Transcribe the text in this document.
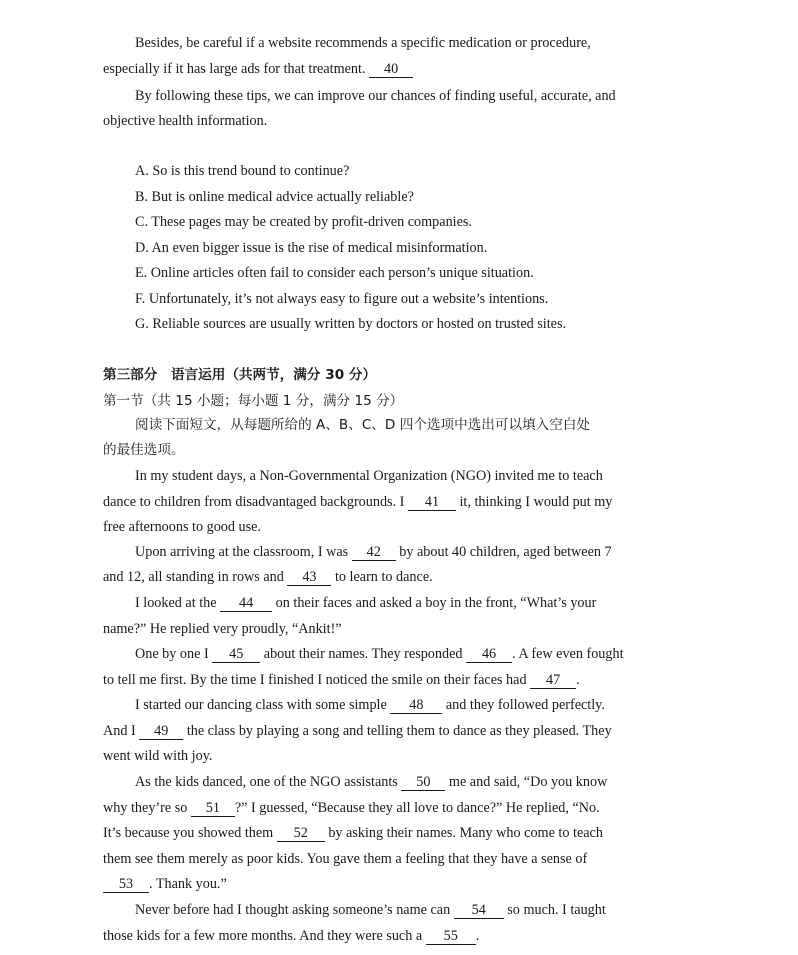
Besides, be careful if a website recommends a specific medication or procedure,
especially if it has large ads for that treatment. 40
By following these tips, we can improve our chances of finding useful, accurate, and
objective health information.
A. So is this trend bound to continue?
B. But is online medical advice actually reliable?
C. These pages may be created by profit-driven companies.
D. An even bigger issue is the rise of medical misinformation.
E. Online articles often fail to consider each person’s unique situation.
F. Unfortunately, it’s not always easy to figure out a website’s intentions.
G. Reliable sources are usually written by doctors or hosted on trusted sites.
第三部分　语言运用（共两节，满分 30 分）
第一节（共 15 小题；每小题 1 分，满分 15 分）
阅读下面短文，从每题所给的 A、B、C、D 四个选项中选出可以填入空白处
的最佳选项。
In my student days, a Non-Governmental Organization (NGO) invited me to teach
dance to children from disadvantaged backgrounds. I 41 it, thinking I would put my
free afternoons to good use.
Upon arriving at the classroom, I was 42 by about 40 children, aged between 7
and 12, all standing in rows and 43 to learn to dance.
I looked at the 44 on their faces and asked a boy in the front, “What’s your
name?” He replied very proudly, “Ankit!”
One by one I 45 about their names. They responded 46 . A few even fought
to tell me first. By the time I finished I noticed the smile on their faces had 47 .
I started our dancing class with some simple 48 and they followed perfectly.
And I 49 the class by playing a song and telling them to dance as they pleased. They
went wild with joy.
As the kids danced, one of the NGO assistants 50 me and said, “Do you know
why they’re so 51 ?” I guessed, “Because they all love to dance?” He replied, “No.
It’s because you showed them 52 by asking their names. Many who come to teach
them see them merely as poor kids. You gave them a feeling that they have a sense of
53 . Thank you.”
Never before had I thought asking someone’s name can 54 so much. I taught
those kids for a few more months. And they were such a 55 .
